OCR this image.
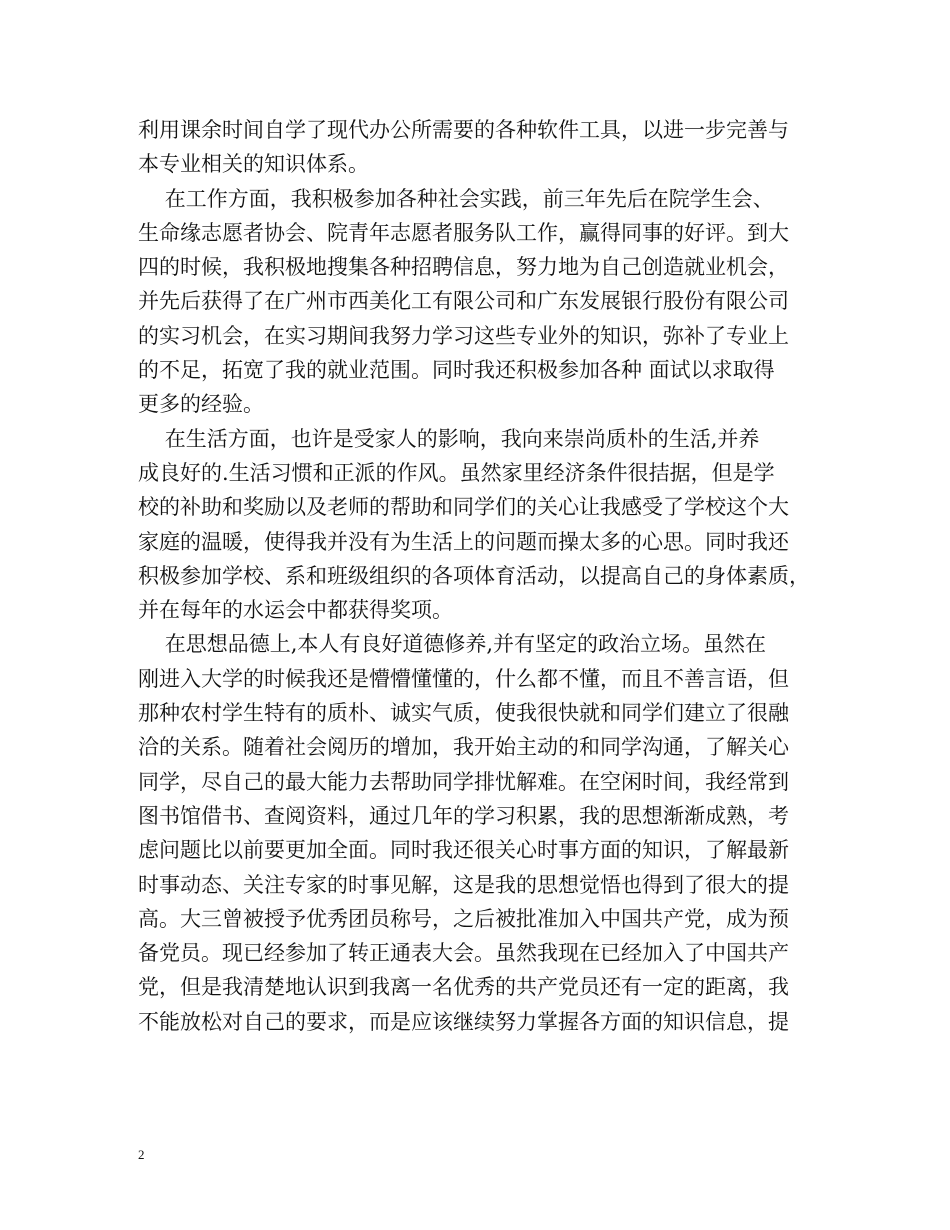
利用课余时间自学了现代办公所需要的各种软件工具，以进一步完善与
本专业相关的知识体系。
在工作方面，我积极参加各种社会实践，前三年先后在院学生会、
生命缘志愿者协会、院青年志愿者服务队工作，赢得同事的好评。到大
四的时候，我积极地搜集各种招聘信息，努力地为自己创造就业机会，
并先后获得了在广州市西美化工有限公司和广东发展银行股份有限公司
的实习机会，在实习期间我努力学习这些专业外的知识，弥补了专业上
的不足，拓宽了我的就业范围。同时我还积极参加各种 面试以求取得
更多的经验。
在生活方面，也许是受家人的影响，我向来崇尚质朴的生活,并养
成良好的.生活习惯和正派的作风。虽然家里经济条件很拮据，但是学
校的补助和奖励以及老师的帮助和同学们的关心让我感受了学校这个大
家庭的温暖，使得我并没有为生活上的问题而操太多的心思。同时我还
积极参加学校、系和班级组织的各项体育活动，以提高自己的身体素质，
并在每年的水运会中都获得奖项。
在思想品德上,本人有良好道德修养,并有坚定的政治立场。虽然在
刚进入大学的时候我还是懵懵懂懂的，什么都不懂，而且不善言语，但
那种农村学生特有的质朴、诚实气质，使我很快就和同学们建立了很融
洽的关系。随着社会阅历的增加，我开始主动的和同学沟通，了解关心
同学，尽自己的最大能力去帮助同学排忧解难。在空闲时间，我经常到
图书馆借书、查阅资料，通过几年的学习积累，我的思想渐渐成熟，考
虑问题比以前要更加全面。同时我还很关心时事方面的知识，了解最新
时事动态、关注专家的时事见解，这是我的思想觉悟也得到了很大的提
高。大三曾被授予优秀团员称号，之后被批准加入中国共产党，成为预
备党员。现已经参加了转正通表大会。虽然我现在已经加入了中国共产
党，但是我清楚地认识到我离一名优秀的共产党员还有一定的距离，我
不能放松对自己的要求，而是应该继续努力掌握各方面的知识信息，提
2
